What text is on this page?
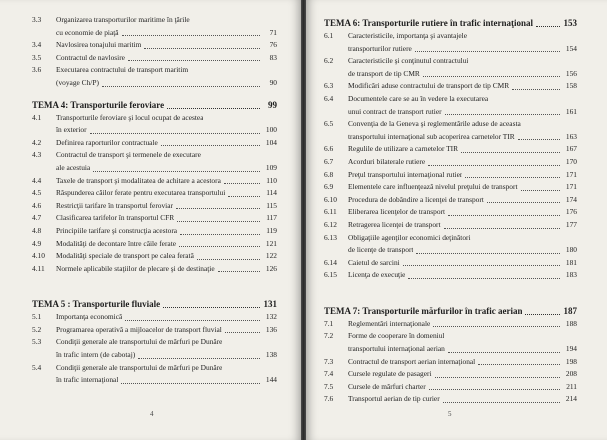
3.3	Organizarea transporturilor maritime în ţările
cu economie de piaţă	71
3.4	Navlosirea tonajului maritim	76
3.5	Contractul de navlosire	83
3.6	Executarea contractului de transport maritim
(voyage Ch/P)	90
TEMA 4: Transporturile feroviare	99
4.1	Transporturile feroviare şi locul ocupat de acestea
în exterior	100
4.2	Definirea raporturilor contractuale	104
4.3	Contractul de transport şi termenele de executare
ale acestuia	109
4.4	Taxele de transport şi modalitatea de achitare a acestora	110
4.5	Răspunderea căilor ferate pentru executarea transportului	114
4.6	Restricţii tarifare în transportul feroviar	115
4.7	Clasificarea tarifelor în transportul CFR	117
4.8	Principiile tarifare şi construcţia acestora	119
4.9	Modalităţi de decontare între căile ferate	121
4.10	Modalităţi speciale de transport pe calea ferată	122
4.11	Normele aplicabile staţiilor de plecare şi de destinaţie	126
TEMA 5 : Transporturile fluviale	131
5.1	Importanţa economică	132
5.2	Programarea operativă a mijloacelor de transport fluvial	136
5.3	Condiţii generale ale transportului de mărfuri pe Dunăre
în trafic intern (de cabotaj)	138
5.4	Condiţii generale ale transportului de mărfuri pe Dunăre
în trafic internaţional	144
4
TEMA 6: Transporturile rutiere în trafic internaţional	153
6.1	Caracteristicile, importanţa şi avantajele
transporturilor rutiere	154
6.2	Caracteristicile şi conţinutul contractului
de transport de tip CMR	156
6.3	Modificări aduse contractului de transport de tip CMR	158
6.4	Documentele care se au în vedere la executarea
unui contract de transport rutier	161
6.5	Convenţia de la Geneva şi reglementările aduse de aceasta
transportului internaţional sub acoperirea carnetelor TIR	163
6.6	Regulile de utilizare a carnetelor TIR	167
6.7	Acorduri bilaterale rutiere	170
6.8	Preţul transportului internaţional rutier	171
6.9	Elementele care influenţează nivelul preţului de transport	171
6.10	Procedura de dobândire a licenţei de transport	174
6.11	Eliberarea licenţelor de transport	176
6.12	Retragerea licenţei de transport	177
6.13	Obligaţiile agenţilor economici deţinători
de licenţe de transport	180
6.14	Caietul de sarcini	181
6.15	Licenţa de execuţie	183
TEMA 7: Transporturile mărfurilor în trafic aerian	187
7.1	Reglementări internaţionale	188
7.2	Forme de cooperare în domeniul
transportului internaţional aerian	194
7.3	Contractul de transport aerian internaţional	198
7.4	Cursele regulate de pasageri	208
7.5	Cursele de mărfuri charter	211
7.6	Transportul aerian de tip curier	214
5
